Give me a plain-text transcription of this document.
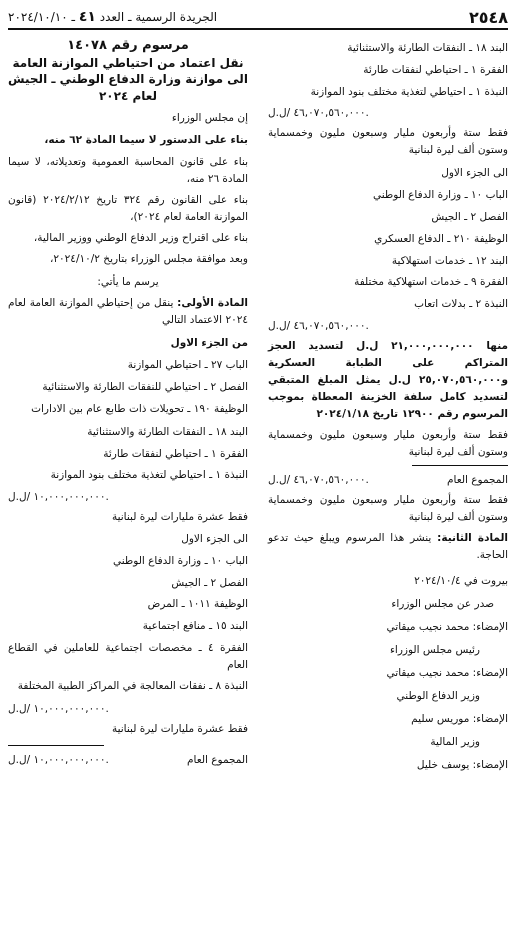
٢٥٤٨
الجريدة الرسمية ـ العدد ٤١ ـ ٢٠٢٤/١٠/١٠
البند ١٨ ـ النفقات الطارئة والاستثنائية
الفقرة ١ ـ احتياطي لنفقات طارئة
النبذة ١ ـ احتياطي لتغذية مختلف بنود الموازنة
٤٦,٠٧٠,٥٦٠,٠٠٠ /ل.ل.
فقط ستة وأربعون مليار وسبعون مليون وخمسماية وستون ألف ليرة لبنانية
الى الجزء الاول
الباب ١٠ ـ وزارة الدفاع الوطني
الفصل ٢ ـ الجيش
الوظيفة ٢١٠ ـ الدفاع العسكري
البند ١٢ ـ خدمات استهلاكية
الفقرة ٩ ـ خدمات استهلاكية مختلفة
النبذة ٢ ـ بدلات اتعاب
٤٦,٠٧٠,٥٦٠,٠٠٠ /ل.ل.
منها ٢١,٠٠٠,٠٠٠,٠٠٠ ل.ل لتسديد العجز المتراكم على الطبابة العسكرية و٢٥,٠٧٠,٥٦٠,٠٠٠ ل.ل يمثل المبلغ المتبقي لتسديد كامل سلفة الخزينة المعطاة بموجب المرسوم رقم ١٢٩٠٠ تاريخ ٢٠٢٤/١/١٨
فقط ستة وأربعون مليار وسبعون مليون وخمسماية وستون ألف ليرة لبنانية
المجموع العام
٤٦,٠٧٠,٥٦٠,٠٠٠ /ل.ل.
فقط ستة وأربعون مليار وسبعون مليون وخمسماية وستون ألف ليرة لبنانية
المادة الثانية: ينشر هذا المرسوم ويبلغ حيث تدعو الحاجة.
بيروت في ٢٠٢٤/١٠/٤
صدر عن مجلس الوزراء
الإمضاء: محمد نجيب ميقاتي
رئيس مجلس الوزراء
الإمضاء: محمد نجيب ميقاتي
وزير الدفاع الوطني
الإمضاء: موريس سليم
وزير المالية
الإمضاء: يوسف خليل
مرسوم رقم ١٤٠٧٨
نقل اعتماد من احتياطي الموازنة العامة الى موازنة وزارة الدفاع الوطني ـ الجيش لعام ٢٠٢٤
إن مجلس الوزراء
بناء على الدستور لا سيما المادة ٦٢ منه،
بناء على قانون المحاسبة العمومية وتعديلاته، لا سيما المادة ٢٦ منه،
بناء على القانون رقم ٣٢٤ تاريخ ٢٠٢٤/٢/١٢ (قانون الموازنة العامة لعام ٢٠٢٤)،
بناء على اقتراح وزير الدفاع الوطني ووزير المالية،
وبعد موافقة مجلس الوزراء بتاريخ ٢٠٢٤/١٠/٢،
يرسم ما يأتي:
المادة الأولى: ينقل من إحتياطي الموازنة العامة لعام ٢٠٢٤ الاعتماد التالي
من الجزء الاول
الباب ٢٧ ـ احتياطي الموازنة
الفصل ٢ ـ احتياطي للنفقات الطارئة والاستثنائية
الوظيفة ١٩٠ ـ تحويلات ذات طابع عام بين الادارات
البند ١٨ ـ النفقات الطارئة والاستثنائية
الفقرة ١ ـ احتياطي لنفقات طارئة
النبذة ١ ـ احتياطي لتغذية مختلف بنود الموازنة
١٠,٠٠٠,٠٠٠,٠٠٠ /ل.ل.
فقط عشرة مليارات ليرة لبنانية
الى الجزء الاول
الباب ١٠ ـ وزارة الدفاع الوطني
الفصل ٢ ـ الجيش
الوظيفة ١٠١١ ـ المرض
البند ١٥ ـ منافع اجتماعية
الفقرة ٤ ـ مخصصات اجتماعية للعاملين في القطاع العام
النبذة ٨ ـ نفقات المعالجة في المراكز الطبية المختلفة
١٠,٠٠٠,٠٠٠,٠٠٠ /ل.ل.
فقط عشرة مليارات ليرة لبنانية
المجموع العام
١٠,٠٠٠,٠٠٠,٠٠٠ /ل.ل.
